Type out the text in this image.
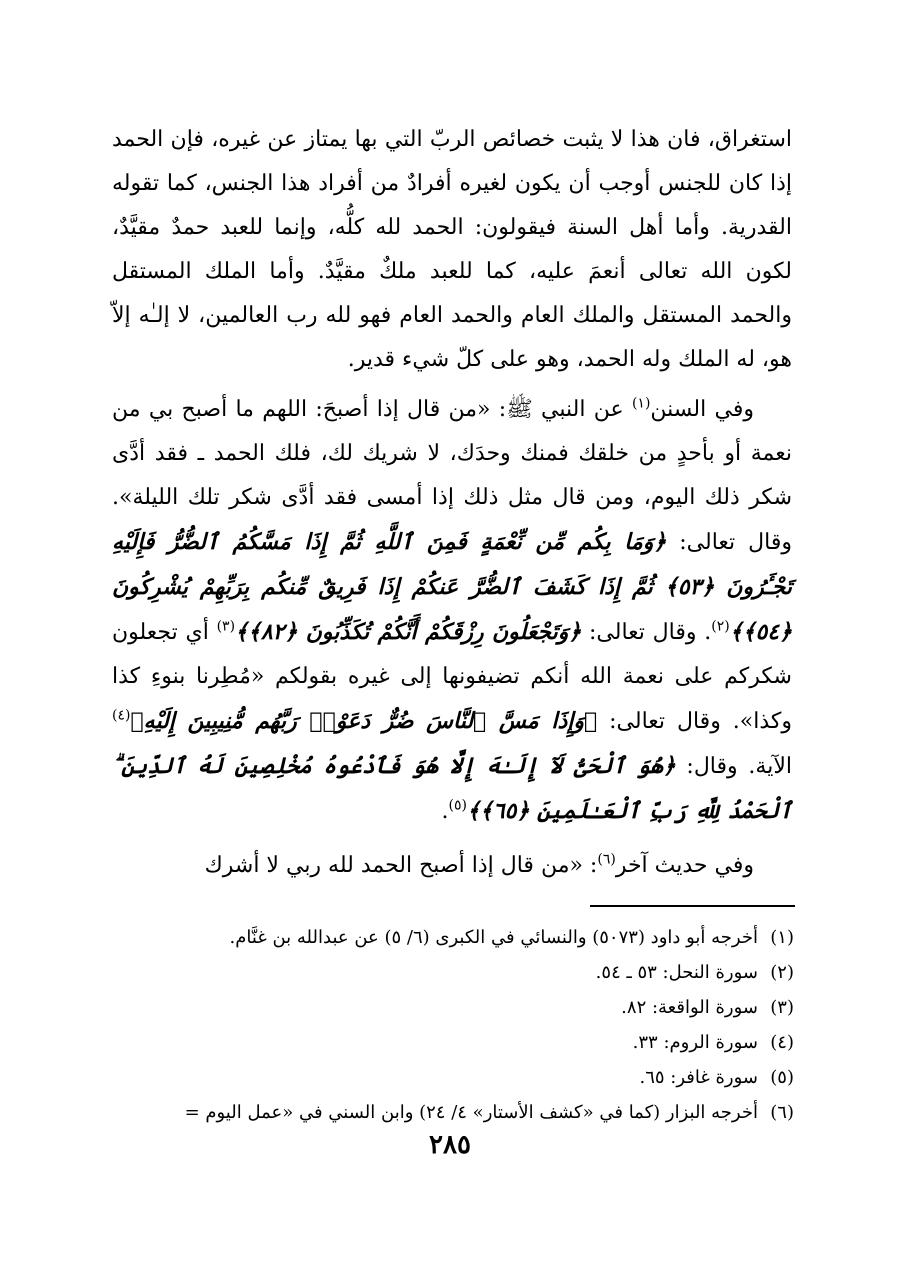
استغراق، فان هذا لا يثبت خصائص الربّ التي بها يمتاز عن غيره، فإن الحمد إذا كان للجنس أوجب أن يكون لغيره أفرادٌ من أفراد هذا الجنس، كما تقوله القدرية. وأما أهل السنة فيقولون: الحمد لله كلُّه، وإنما للعبد حمدٌ مقيَّدٌ، لكون الله تعالى أنعمَ عليه، كما للعبد ملكٌ مقيَّدٌ. وأما الملك المستقل والحمد المستقل والملك العام والحمد العام فهو لله رب العالمين، لا إلـٰه إلاّ هو، له الملك وله الحمد، وهو على كلّ شيء قدير.

وفي السنن$^{(١)}$ عن النبي ﷺ: «من قال إذا أصبحَ: اللهم ما أصبح بي من نعمة أو بأحدٍ من خلقك فمنك وحدَك، لا شريك لك، فلك الحمد ـ فقد أدَّى شكر ذلك اليوم، ومن قال مثل ذلك إذا أمسى فقد أدَّى شكر تلك الليلة». وقال تعالى: ﴿وَمَا بِكُم مِّن نِّعْمَةٍ فَمِنَ ٱللَّهِ ثُمَّ إِذَا مَسَّكُمُ ٱلضُّرُّ فَإِلَيْهِ تَجْـَٔرُونَ ﴿٥٣﴾ ثُمَّ إِذَا كَشَفَ ٱلضُّرَّ عَنكُمْ إِذَا فَرِيقٌ مِّنكُم بِرَبِّهِمْ يُشْرِكُونَ ﴿٥٤﴾﴾$^{(٢)}$. وقال تعالى: ﴿وَتَجْعَلُونَ رِزْقَكُمْ أَنَّكُمْ تُكَذِّبُونَ ﴿٨٢﴾﴾$^{(٣)}$ أي تجعلون شكركم على نعمة الله أنكم تضيفونها إلى غيره بقولكم «مُطِرنا بنوءِ كذا وكذا». وقال تعالى: ﴿وَإِذَا مَسَّ ٱلنَّاسَ ضُرٌّ دَعَوْا۟ رَبَّهُم مُّنِيبِينَ إِلَيْهِ﴾$^{(٤)}$ الآية. وقال: ﴿هُوَ ٱلْحَىُّ لَآ إِلَـٰهَ إِلَّا هُوَ فَٱدْعُوهُ مُخْلِصِينَ لَهُ ٱلدِّينَ ۗ ٱلْحَمْدُ لِلَّهِ رَبِّ ٱلْعَـٰلَمِينَ ﴿٦٥﴾﴾$^{(٥)}$.

وفي حديث آخر$^{(٦)}$: «من قال إذا أصبح الحمد لله ربي لا أشرك

(١)
أخرجه أبو داود (٥٠٧٣) والنسائي في الكبرى (٦/ ٥) عن عبدالله بن غنَّام.
(٢)
سورة النحل: ٥٣ ـ ٥٤.
(٣)
سورة الواقعة: ٨٢.
(٤)
سورة الروم: ٣٣.
(٥)
سورة غافر: ٦٥.
(٦)
أخرجه البزار (كما في «كشف الأستار» ٤/ ٢٤) وابن السني في «عمل اليوم =
٢٨٥
